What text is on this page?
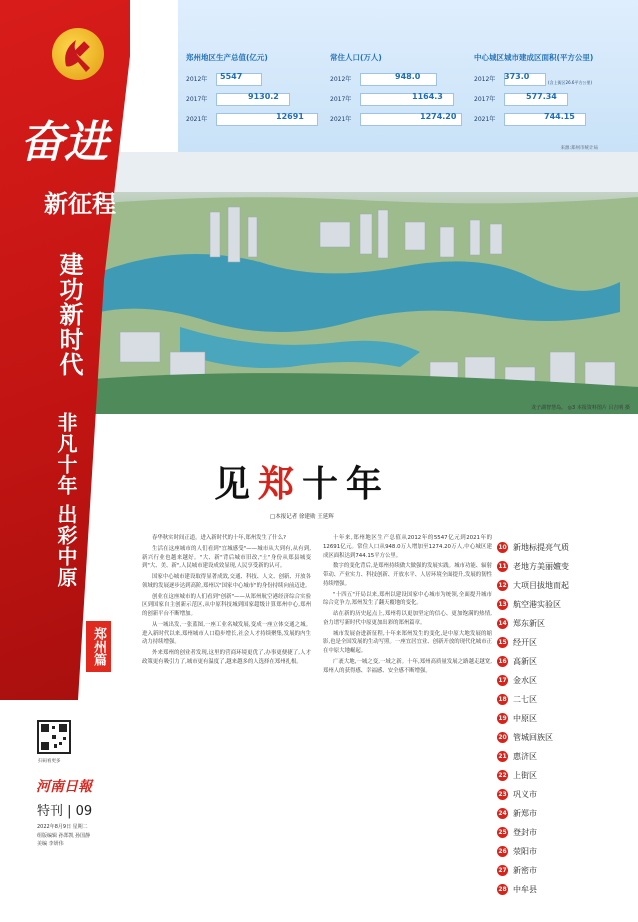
郑州地区生产总值(亿元)
2012年 5547
2017年	9130.2
2021年	12691
常住人口(万人)
2012年	948.0
2017年	1164.3
2021年	1274.20
中心城区城市建成区面积(平方公里)
2012年 373.0
2017年	577.34
2021年	744.15
(含上街区26.6平方公里)
来源:郑州市统计局
龙子湖智慧岛。 ◎3 本报资料图片 吕吉明 摄
奋进
新征程
建功新时代
非凡十年 出彩中原
郑州篇
见郑十年
□本报记者 徐建勋 王延辉

春华秋实时间正道。进入新时代的十年,郑州发生了什么?

生活在这座城市的人们看到"宜城感受"——城市从大到有,从有到,新兴行业也越来越好。"大、新"背后城市旧改,"土"身份从郑县城变到"大、美、新",人民城市建设成效显现,人民享受新的认可。

国家中心城市建设取得显著成效,交通、科技、人文、创新、开放各领域的发展逐步达到高阶,郑州以"国家中心城市"的身份持续向前迈进。

创业在这座城市的人们看到"创新"——从郑州航空港经济综合实验区到国家自主创新示范区,从中原科技城到国家超级计算郑州中心,郑州的创新平台不断增加。

从一城出发,一张蓝图,一座工业名城发展,变成一座立体交通之城。进入新时代以来,郑州城市人口稳步增长,社会人才持续聚集,发展的内生动力持续增强。

外来郑州的创业者发现,这里的营商环境更优了,办事更便捷了,人才政策更有吸引力了,城市更有温度了,越来越多的人选择在郑州扎根。

十年来,郑州地区生产总值从2012年的5547亿元到2021年的12691亿元。常住人口从948.0万人增加至1274.20万人,中心城区建成区面积达到744.15平方公里。

数字的变化背后,是郑州持续做大做强的发展实践。城市功能、辐射带动、产业实力、科技创新、开放水平、人居环境全面提升,发展的韧性持续增强。

"十四五"开局以来,郑州以建设国家中心城市为统领,全面提升城市综合竞争力,郑州发生了翻天覆地的变化。

站在新的历史起点上,郑州将以更加坚定的信心、更加饱满的热情,奋力谱写新时代中原更加出彩的郑州篇章。

城市发展奋进新征程,十年来郑州发生的变化,是中原大地发展的缩影,也是全国发展的生动写照。一座宜居宜业、创新开放的现代化城市正在中原大地崛起。

广袤大地,一城之变,一域之新。十年,郑州高质量发展之路越走越宽,郑州人的获得感、幸福感、安全感不断增强。

10 新地标提亮气质
11 老地方美丽嬗变
12 大项目拔地而起
13 航空港实验区
14 郑东新区
15 经开区
16 高新区
17 金水区
18 二七区
19 中原区
20 管城回族区
21 惠济区
22 上街区
23 巩义市
24 新郑市
25 登封市
26 荥阳市
27 新密市
28 中牟县
扫码看更多
河南日報
特刊 | 09
2022年8月9日 星期二
组版编辑 孙郑凯 孙国静
美编 李妍伟
